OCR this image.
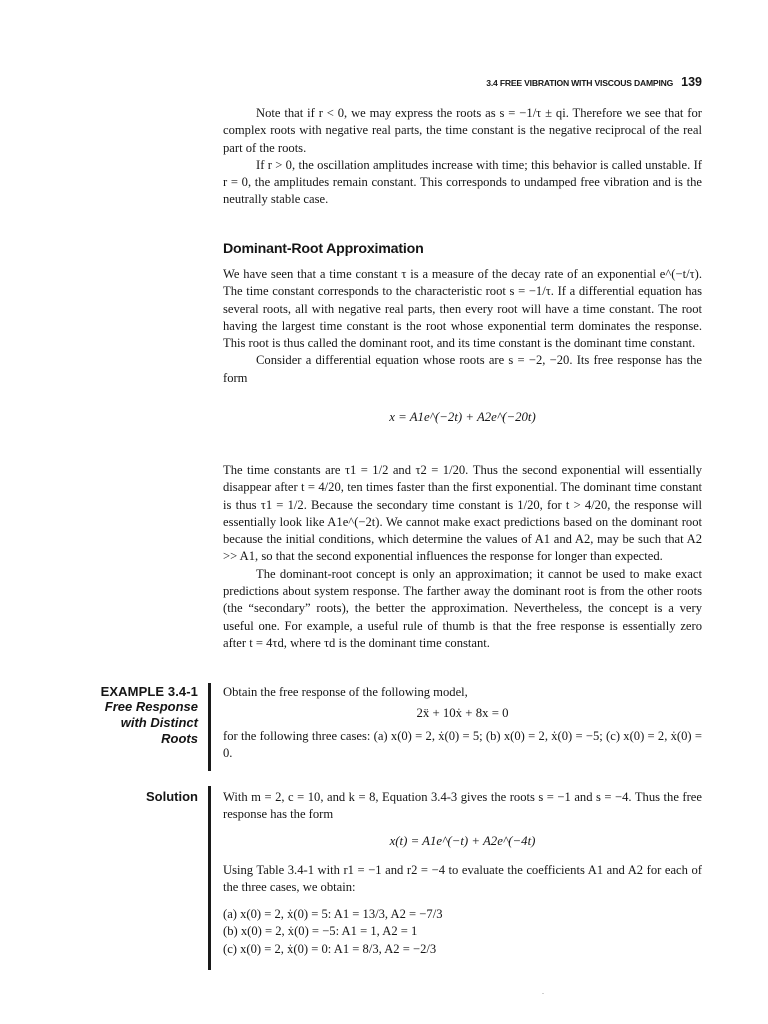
3.4 FREE VIBRATION WITH VISCOUS DAMPING 139

Note that if r < 0, we may express the roots as s = −1/τ ± qi. Therefore we see that for complex roots with negative real parts, the time constant is the negative reciprocal of the real part of the roots.

If r > 0, the oscillation amplitudes increase with time; this behavior is called unstable. If r = 0, the amplitudes remain constant. This corresponds to undamped free vibration and is the neutrally stable case.

Dominant-Root Approximation

We have seen that a time constant τ is a measure of the decay rate of an exponential e^(−t/τ). The time constant corresponds to the characteristic root s = −1/τ. If a differential equation has several roots, all with negative real parts, then every root will have a time constant. The root having the largest time constant is the root whose exponential term dominates the response. This root is thus called the dominant root, and its time constant is the dominant time constant.

Consider a differential equation whose roots are s = −2, −20. Its free response has the form

x = A1e^(−2t) + A2e^(−20t)

The time constants are τ1 = 1/2 and τ2 = 1/20. Thus the second exponential will essentially disappear after t = 4/20, ten times faster than the first exponential. The dominant time constant is thus τ1 = 1/2. Because the secondary time constant is 1/20, for t > 4/20, the response will essentially look like A1e^(−2t). We cannot make exact predictions based on the dominant root because the initial conditions, which determine the values of A1 and A2, may be such that A2 >> A1, so that the second exponential influences the response for longer than expected.

The dominant-root concept is only an approximation; it cannot be used to make exact predictions about system response. The farther away the dominant root is from the other roots (the “secondary” roots), the better the approximation. Nevertheless, the concept is a very useful one. For example, a useful rule of thumb is that the free response is essentially zero after t = 4τd, where τd is the dominant time constant.

EXAMPLE 3.4-1
Free Response
with Distinct
Roots
Obtain the free response of the following model,
2ẍ + 10ẋ + 8x = 0
for the following three cases: (a) x(0) = 2, ẋ(0) = 5; (b) x(0) = 2, ẋ(0) = −5; (c) x(0) = 2, ẋ(0) = 0.
Solution With m = 2, c = 10, and k = 8, Equation 3.4-3 gives the roots s = −1 and s = −4. Thus the free response has the form
x(t) = A1e^(−t) + A2e^(−4t)
Using Table 3.4-1 with r1 = −1 and r2 = −4 to evaluate the coefficients A1 and A2 for each of the three cases, we obtain:

(a) x(0) = 2, ẋ(0) = 5: A1 = 13/3, A2 = −7/3

(b) x(0) = 2, ẋ(0) = −5: A1 = 1, A2 = 1

(c) x(0) = 2, ẋ(0) = 0: A1 = 8/3, A2 = −2/3
